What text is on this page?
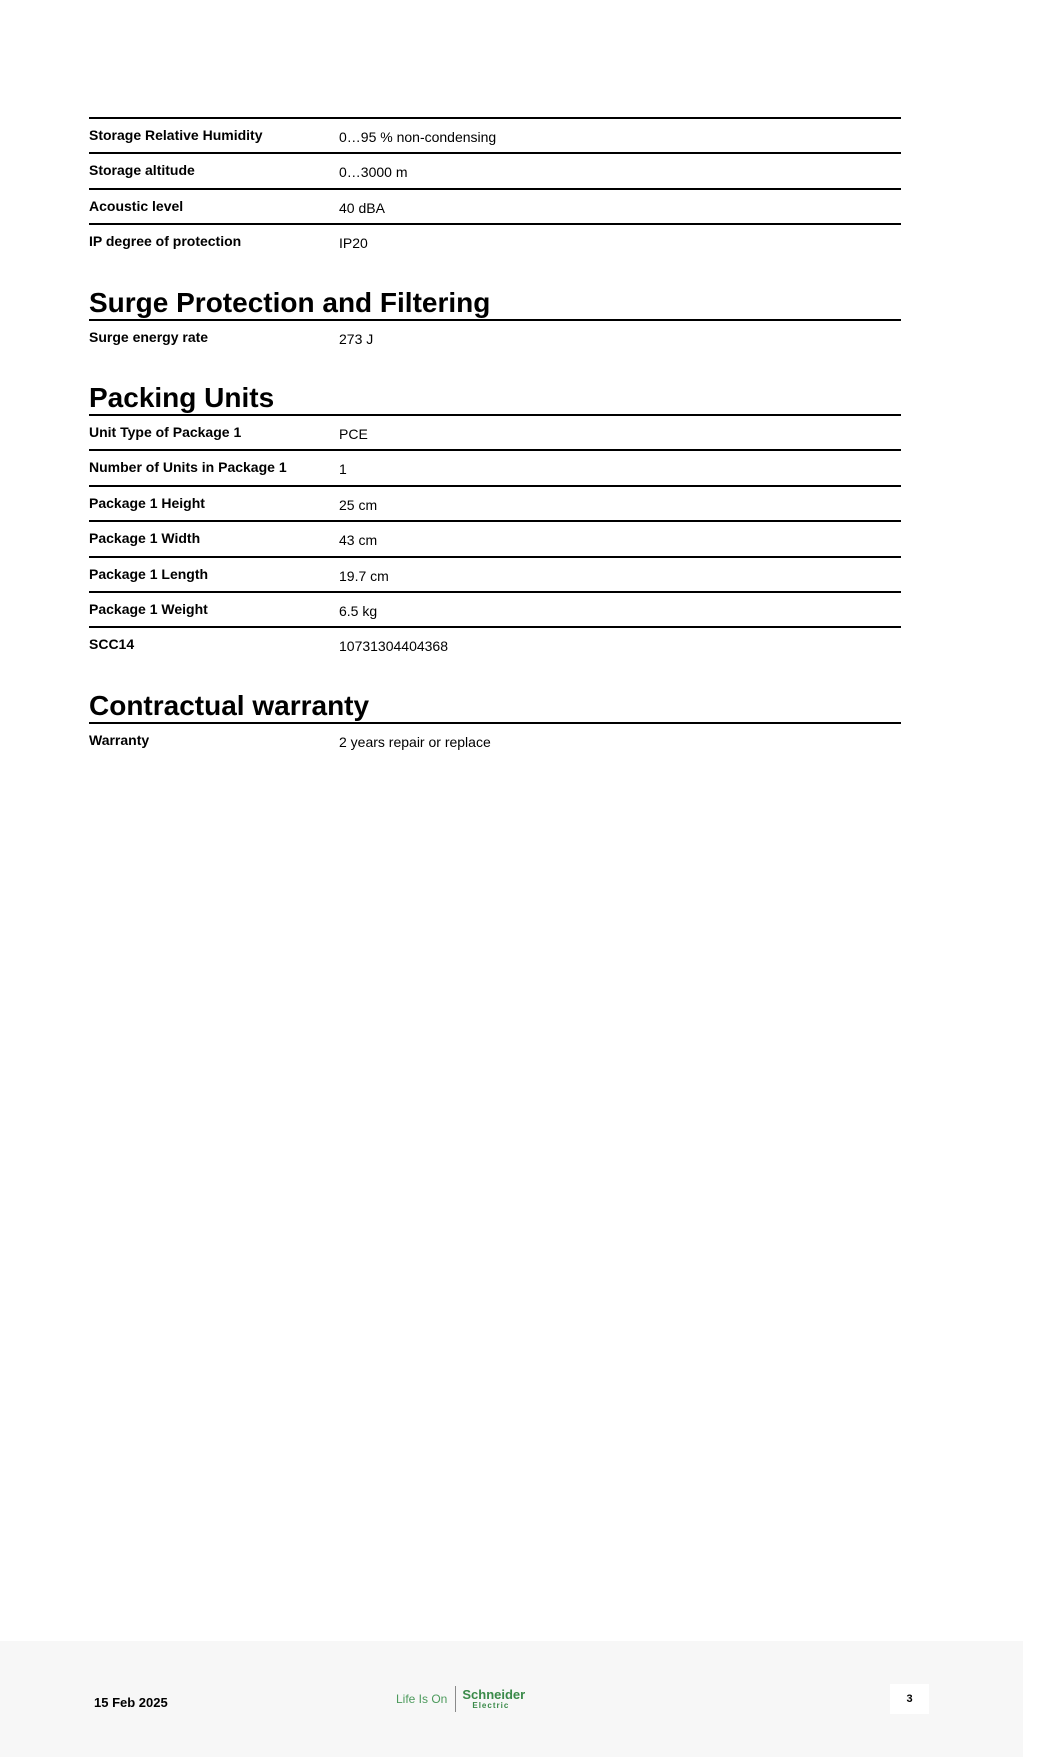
Storage Relative Humidity	0…95 % non-condensing
Storage altitude	0…3000 m
Acoustic level	40 dBA
IP degree of protection	IP20
Surge Protection and Filtering
Surge energy rate	273 J
Packing Units
Unit Type of Package 1	PCE
Number of Units in Package 1	1
Package 1 Height	25 cm
Package 1 Width	43 cm
Package 1 Length	19.7 cm
Package 1 Weight	6.5 kg
SCC14	10731304404368
Contractual warranty
Warranty	2 years repair or replace
15 Feb 2025	Life Is On Schneider
Electric	3
